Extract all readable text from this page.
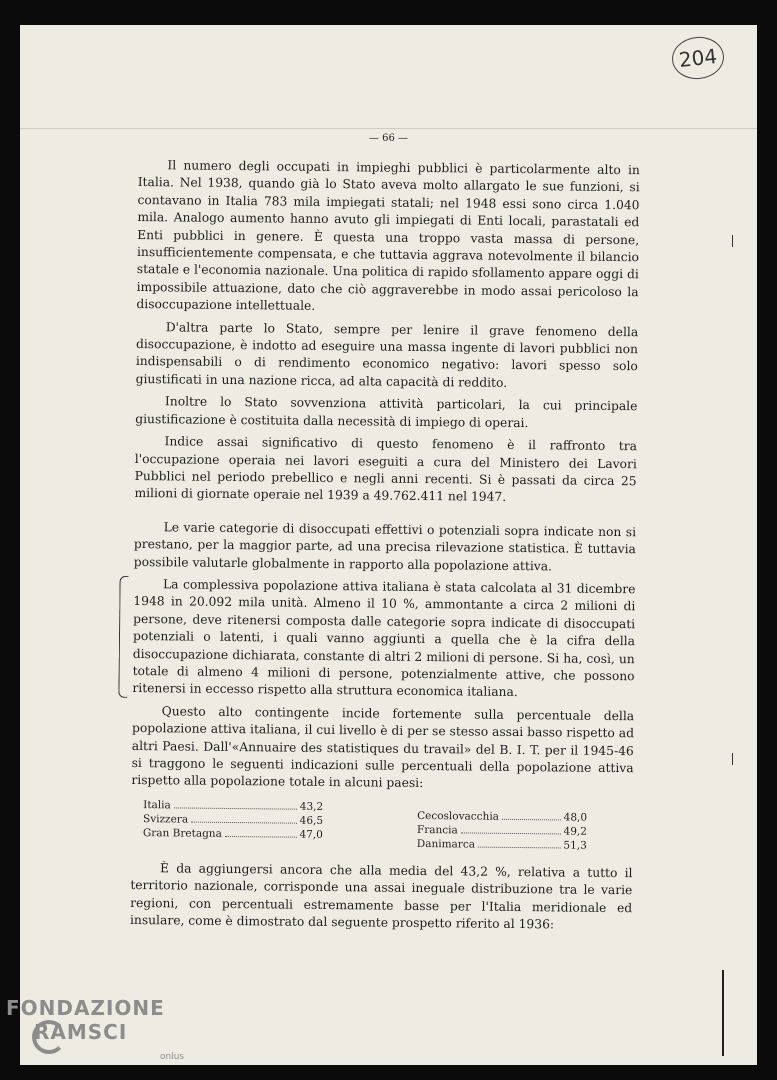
204
— 66 —

Il numero degli occupati in impieghi pubblici è particolarmente alto in Italia. Nel 1938, quando già lo Stato aveva molto allargato le sue funzioni, si contavano in Italia 783 mila impiegati statali; nel 1948 essi sono circa 1.040 mila. Analogo aumento hanno avuto gli impiegati di Enti locali, parastatali ed Enti pubblici in genere. È questa una troppo vasta massa di persone, insufficientemente compensata, e che tuttavia aggrava notevolmente il bilancio statale e l'economia nazionale. Una politica di rapido sfollamento appare oggi di impossibile attuazione, dato che ciò aggraverebbe in modo assai pericoloso la disoccupazione intellettuale.

D'altra parte lo Stato, sempre per lenire il grave fenomeno della disoccupazione, è indotto ad eseguire una massa ingente di lavori pubblici non indispensabili o di rendimento economico negativo: lavori spesso solo giustificati in una nazione ricca, ad alta capacità di reddito.

Inoltre lo Stato sovvenziona attività particolari, la cui principale giustificazione è costituita dalla necessità di impiego di operai.

Indice assai significativo di questo fenomeno è il raffronto tra l'occupazione operaia nei lavori eseguiti a cura del Ministero dei Lavori Pubblici nel periodo prebellico e negli anni recenti. Si è passati da circa 25 milioni di giornate operaie nel 1939 a 49.762.411 nel 1947.

Le varie categorie di disoccupati effettivi o potenziali sopra indicate non si prestano, per la maggior parte, ad una precisa rilevazione statistica. È tuttavia possibile valutarle globalmente in rapporto alla popolazione attiva.

La complessiva popolazione attiva italiana è stata calcolata al 31 dicembre 1948 in 20.092 mila unità. Almeno il 10 %, ammontante a circa 2 milioni di persone, deve ritenersi composta dalle categorie sopra indicate di disoccupati potenziali o latenti, i quali vanno aggiunti a quella che è la cifra della disoccupazione dichiarata, constante di altri 2 milioni di persone. Si ha, così, un totale di almeno 4 milioni di persone, potenzialmente attive, che possono ritenersi in eccesso rispetto alla struttura economica italiana.

Questo alto contingente incide fortemente sulla percentuale della popolazione attiva italiana, il cui livello è di per se stesso assai basso rispetto ad altri Paesi. Dall'«Annuaire des statistiques du travail» del B. I. T. per il 1945-46 si traggono le seguenti indicazioni sulle percentuali della popolazione attiva rispetto alla popolazione totale in alcuni paesi:

Italia	43,2
Svizzera	46,5
Gran Bretagna	47,0
Cecoslovacchia	48,0
Francia	49,2
Danimarca	51,3

È da aggiungersi ancora che alla media del 43,2 %, relativa a tutto il territorio nazionale, corrisponde una assai ineguale distribuzione tra le varie regioni, con percentuali estremamente basse per l'Italia meridionale ed insulare, come è dimostrato dal seguente prospetto riferito al 1936:

FONDAZIONE
RAMSCI
onlus
